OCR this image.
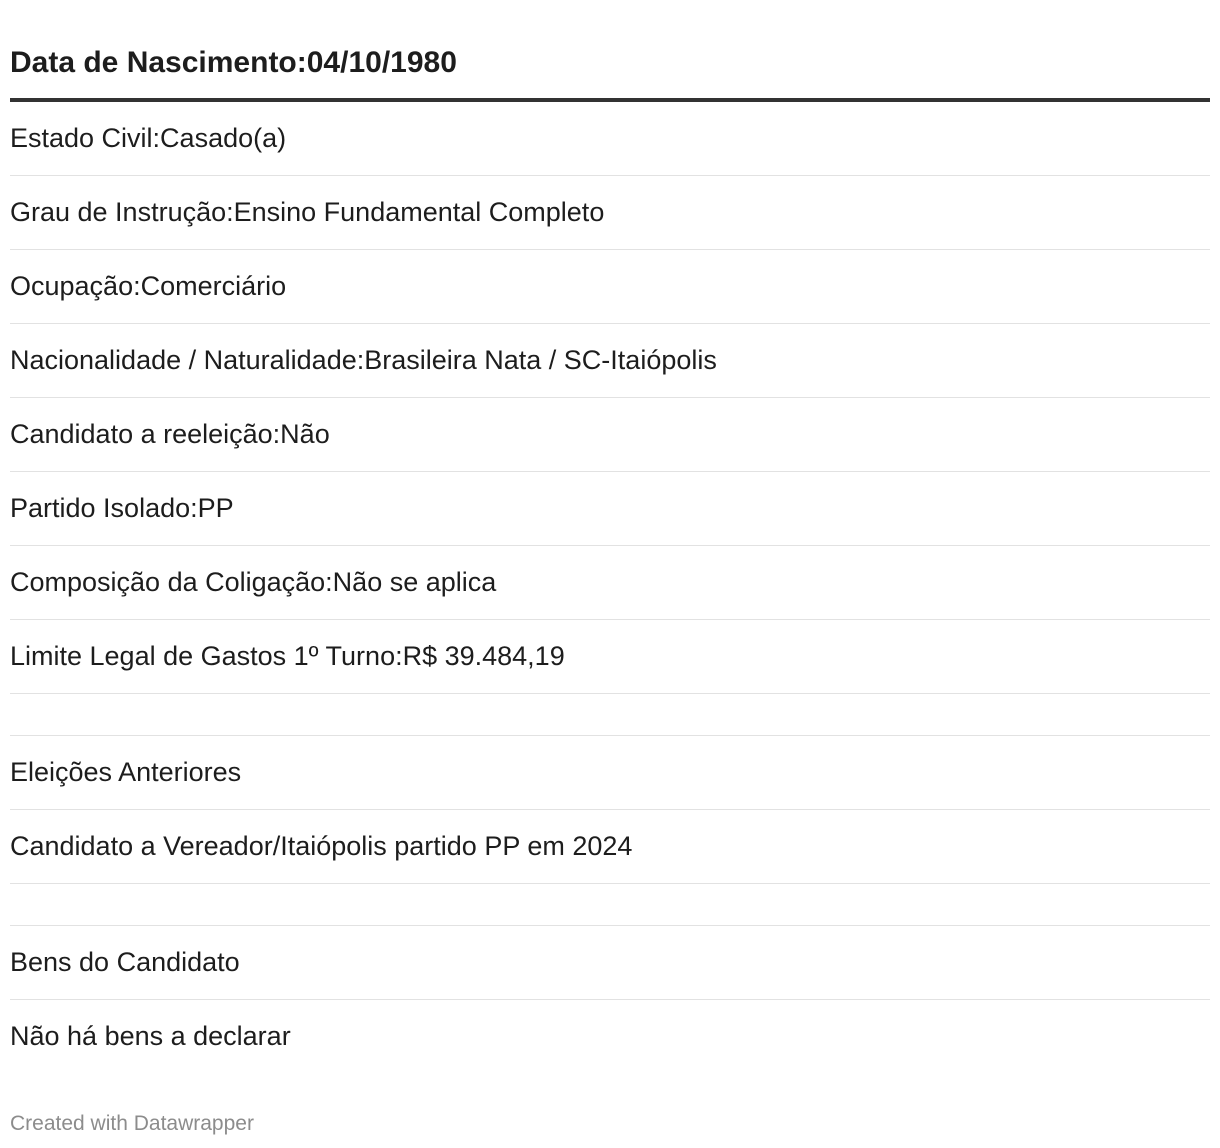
Data de Nascimento:04/10/1980
Estado Civil:Casado(a)
Grau de Instrução:Ensino Fundamental Completo
Ocupação:Comerciário
Nacionalidade / Naturalidade:Brasileira Nata / SC-Itaiópolis
Candidato a reeleição:Não
Partido Isolado:PP
Composição da Coligação:Não se aplica
Limite Legal de Gastos 1º Turno:R$ 39.484,19
Eleições Anteriores
Candidato a Vereador/Itaiópolis partido PP em 2024
Bens do Candidato
Não há bens a declarar
Created with Datawrapper
